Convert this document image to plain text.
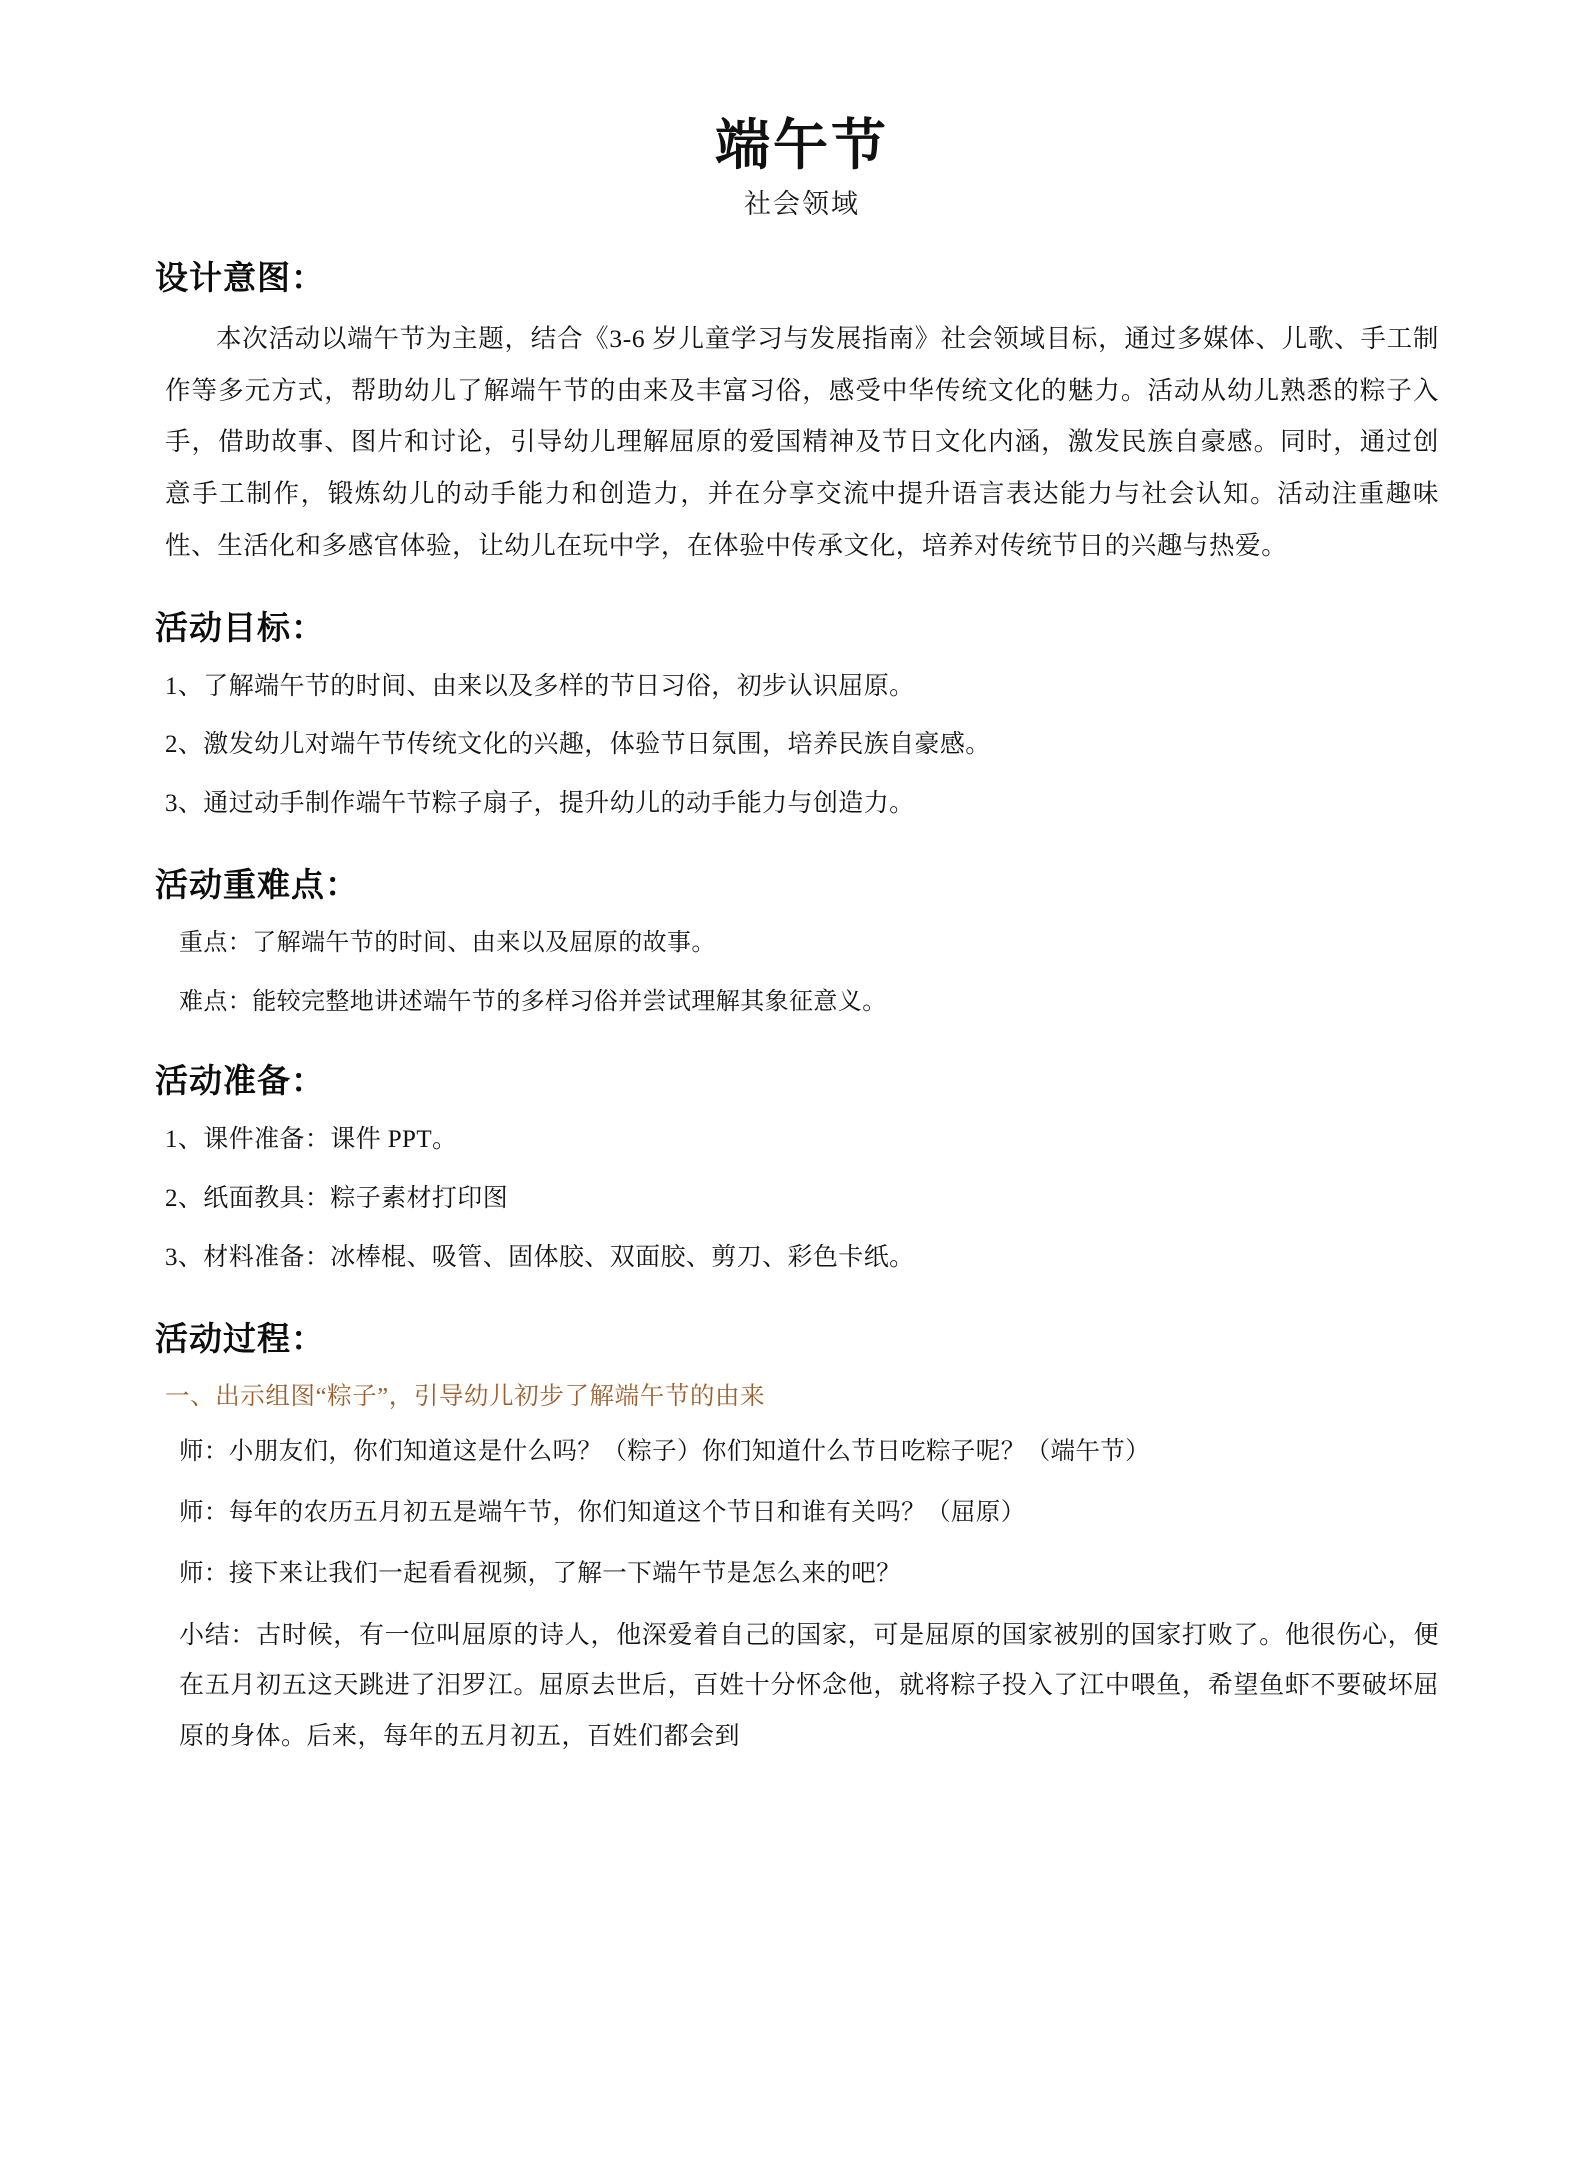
端午节
社会领域
设计意图：

本次活动以端午节为主题，结合《3-6 岁儿童学习与发展指南》社会领域目标，通过多媒体、儿歌、手工制作等多元方式，帮助幼儿了解端午节的由来及丰富习俗，感受中华传统文化的魅力。活动从幼儿熟悉的粽子入手，借助故事、图片和讨论，引导幼儿理解屈原的爱国精神及节日文化内涵，激发民族自豪感。同时，通过创意手工制作，锻炼幼儿的动手能力和创造力，并在分享交流中提升语言表达能力与社会认知。活动注重趣味性、生活化和多感官体验，让幼儿在玩中学，在体验中传承文化，培养对传统节日的兴趣与热爱。

活动目标：

1、了解端午节的时间、由来以及多样的节日习俗，初步认识屈原。

2、激发幼儿对端午节传统文化的兴趣，体验节日氛围，培养民族自豪感。

3、通过动手制作端午节粽子扇子，提升幼儿的动手能力与创造力。

活动重难点：

重点：了解端午节的时间、由来以及屈原的故事。

难点：能较完整地讲述端午节的多样习俗并尝试理解其象征意义。

活动准备：

1、课件准备：课件 PPT。

2、纸面教具：粽子素材打印图

3、材料准备：冰棒棍、吸管、固体胶、双面胶、剪刀、彩色卡纸。

活动过程：

一、出示组图“粽子”，引导幼儿初步了解端午节的由来

师：小朋友们，你们知道这是什么吗？（粽子）你们知道什么节日吃粽子呢？（端午节）

师：每年的农历五月初五是端午节，你们知道这个节日和谁有关吗？（屈原）

师：接下来让我们一起看看视频，了解一下端午节是怎么来的吧？

小结：古时候，有一位叫屈原的诗人，他深爱着自己的国家，可是屈原的国家被别的国家打败了。他很伤心，便在五月初五这天跳进了汨罗江。屈原去世后，百姓十分怀念他，就将粽子投入了江中喂鱼，希望鱼虾不要破坏屈原的身体。后来，每年的五月初五，百姓们都会到
